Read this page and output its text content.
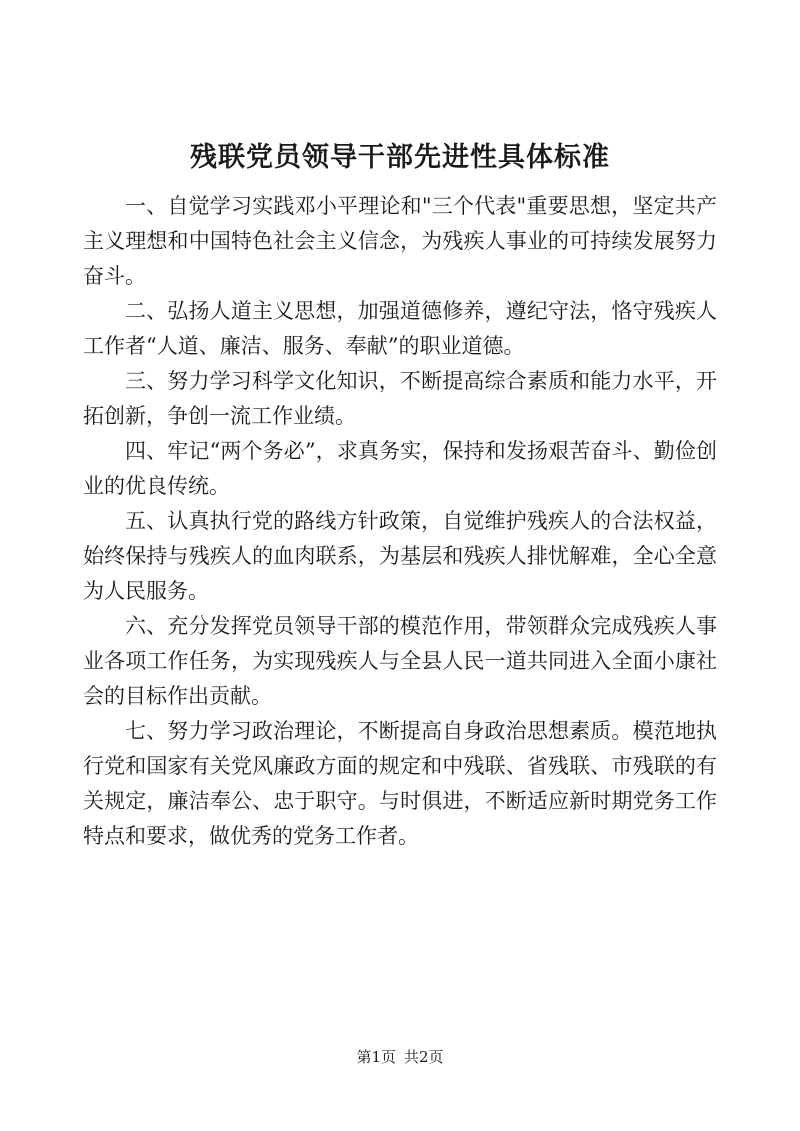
残联党员领导干部先进性具体标准

一、自觉学习实践邓小平理论和"三个代表"重要思想，坚定共产主义理想和中国特色社会主义信念，为残疾人事业的可持续发展努力奋斗。

二、弘扬人道主义思想，加强道德修养，遵纪守法，恪守残疾人工作者“人道、廉洁、服务、奉献”的职业道德。

三、努力学习科学文化知识，不断提高综合素质和能力水平，开拓创新，争创一流工作业绩。

四、牢记“两个务必”，求真务实，保持和发扬艰苦奋斗、勤俭创业的优良传统。

五、认真执行党的路线方针政策，自觉维护残疾人的合法权益，始终保持与残疾人的血肉联系，为基层和残疾人排忧解难，全心全意为人民服务。

六、充分发挥党员领导干部的模范作用，带领群众完成残疾人事业各项工作任务，为实现残疾人与全县人民一道共同进入全面小康社会的目标作出贡献。

七、努力学习政治理论，不断提高自身政治思想素质。模范地执行党和国家有关党风廉政方面的规定和中残联、省残联、市残联的有关规定，廉洁奉公、忠于职守。与时俱进，不断适应新时期党务工作特点和要求，做优秀的党务工作者。

第1页 共2页
